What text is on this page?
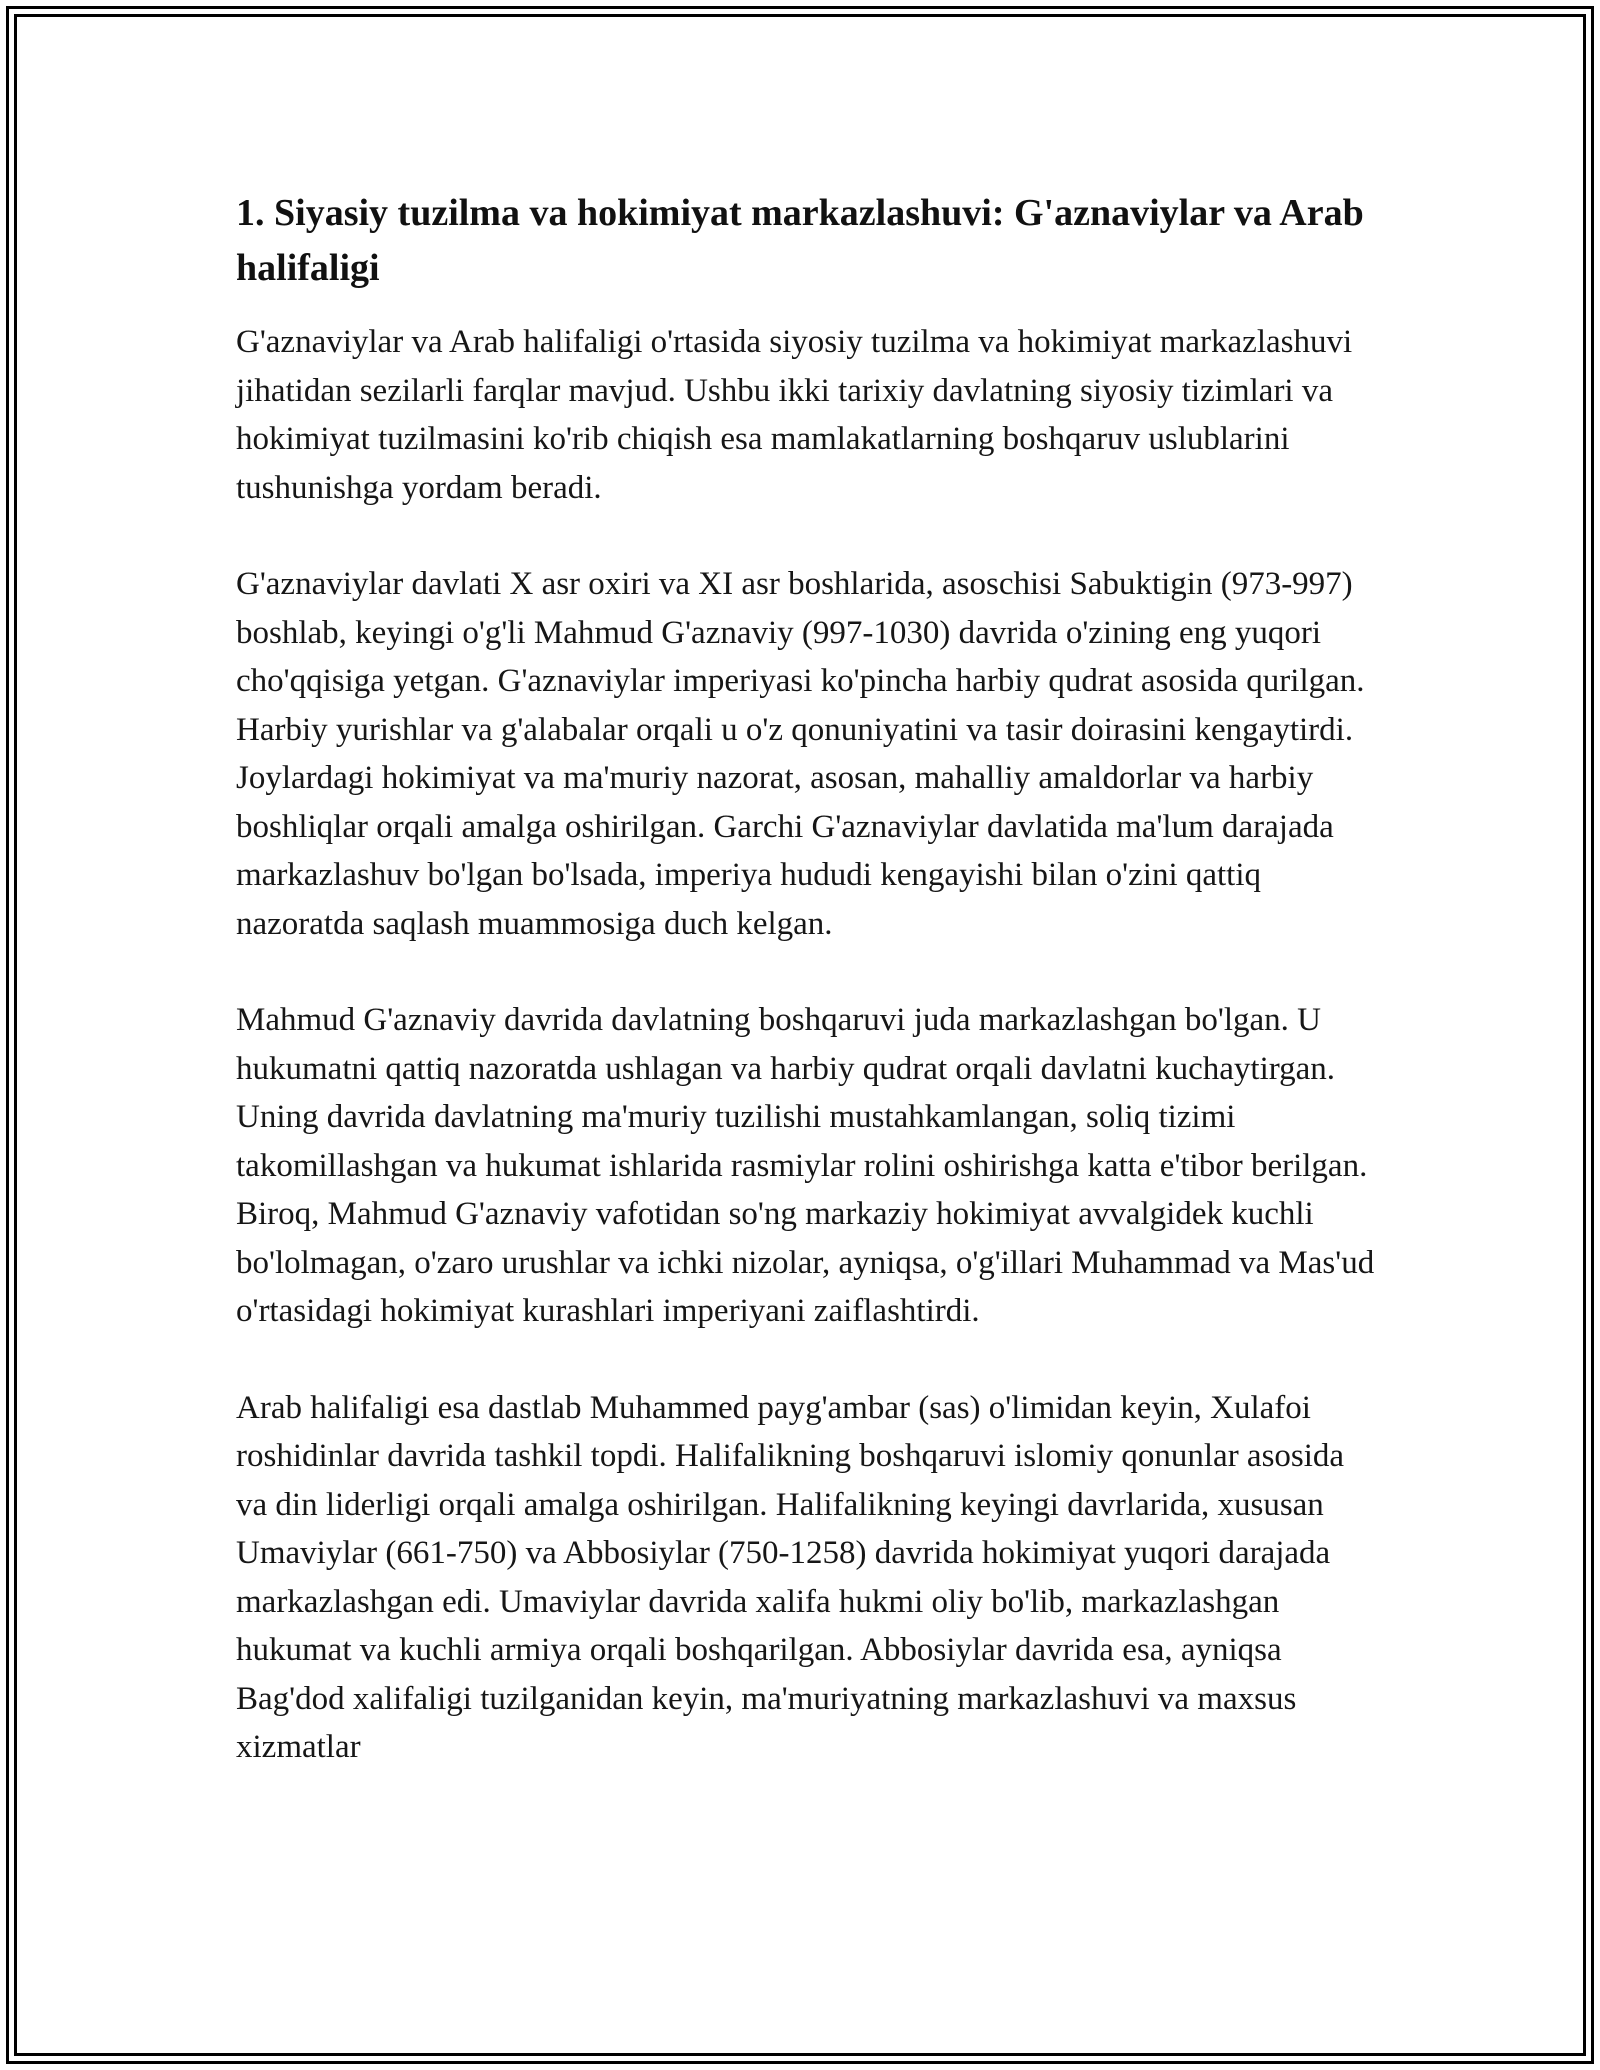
1. Siyasiy tuzilma va hokimiyat markazlashuvi: G'aznaviylar va Arab halifaligi

G'aznaviylar va Arab halifaligi o'rtasida siyosiy tuzilma va hokimiyat markazlashuvi jihatidan sezilarli farqlar mavjud. Ushbu ikki tarixiy davlatning siyosiy tizimlari va hokimiyat tuzilmasini ko'rib chiqish esa mamlakatlarning boshqaruv uslublarini tushunishga yordam beradi.

G'aznaviylar davlati X asr oxiri va XI asr boshlarida, asoschisi Sabuktigin (973-997) boshlab, keyingi o'g'li Mahmud G'aznaviy (997-1030) davrida o'zining eng yuqori cho'qqisiga yetgan. G'aznaviylar imperiyasi ko'pincha harbiy qudrat asosida qurilgan. Harbiy yurishlar va g'alabalar orqali u o'z qonuniyatini va tasir doirasini kengaytirdi. Joylardagi hokimiyat va ma'muriy nazorat, asosan, mahalliy amaldorlar va harbiy boshliqlar orqali amalga oshirilgan. Garchi G'aznaviylar davlatida ma'lum darajada markazlashuv bo'lgan bo'lsada, imperiya hududi kengayishi bilan o'zini qattiq nazoratda saqlash muammosiga duch kelgan.

Mahmud G'aznaviy davrida davlatning boshqaruvi juda markazlashgan bo'lgan. U hukumatni qattiq nazoratda ushlagan va harbiy qudrat orqali davlatni kuchaytirgan. Uning davrida davlatning ma'muriy tuzilishi mustahkamlangan, soliq tizimi takomillashgan va hukumat ishlarida rasmiylar rolini oshirishga katta e'tibor berilgan. Biroq, Mahmud G'aznaviy vafotidan so'ng markaziy hokimiyat avvalgidek kuchli bo'lolmagan, o'zaro urushlar va ichki nizolar, ayniqsa, o'g'illari Muhammad va Mas'ud o'rtasidagi hokimiyat kurashlari imperiyani zaiflashtirdi.

Arab halifaligi esa dastlab Muhammed payg'ambar (sas) o'limidan keyin, Xulafoi roshidinlar davrida tashkil topdi. Halifalikning boshqaruvi islomiy qonunlar asosida va din liderligi orqali amalga oshirilgan. Halifalikning keyingi davrlarida, xususan Umaviylar (661-750) va Abbosiylar (750-1258) davrida hokimiyat yuqori darajada markazlashgan edi. Umaviylar davrida xalifa hukmi oliy bo'lib, markazlashgan hukumat va kuchli armiya orqali boshqarilgan. Abbosiylar davrida esa, ayniqsa Bag'dod xalifaligi tuzilganidan keyin, ma'muriyatning markazlashuvi va maxsus xizmatlar
